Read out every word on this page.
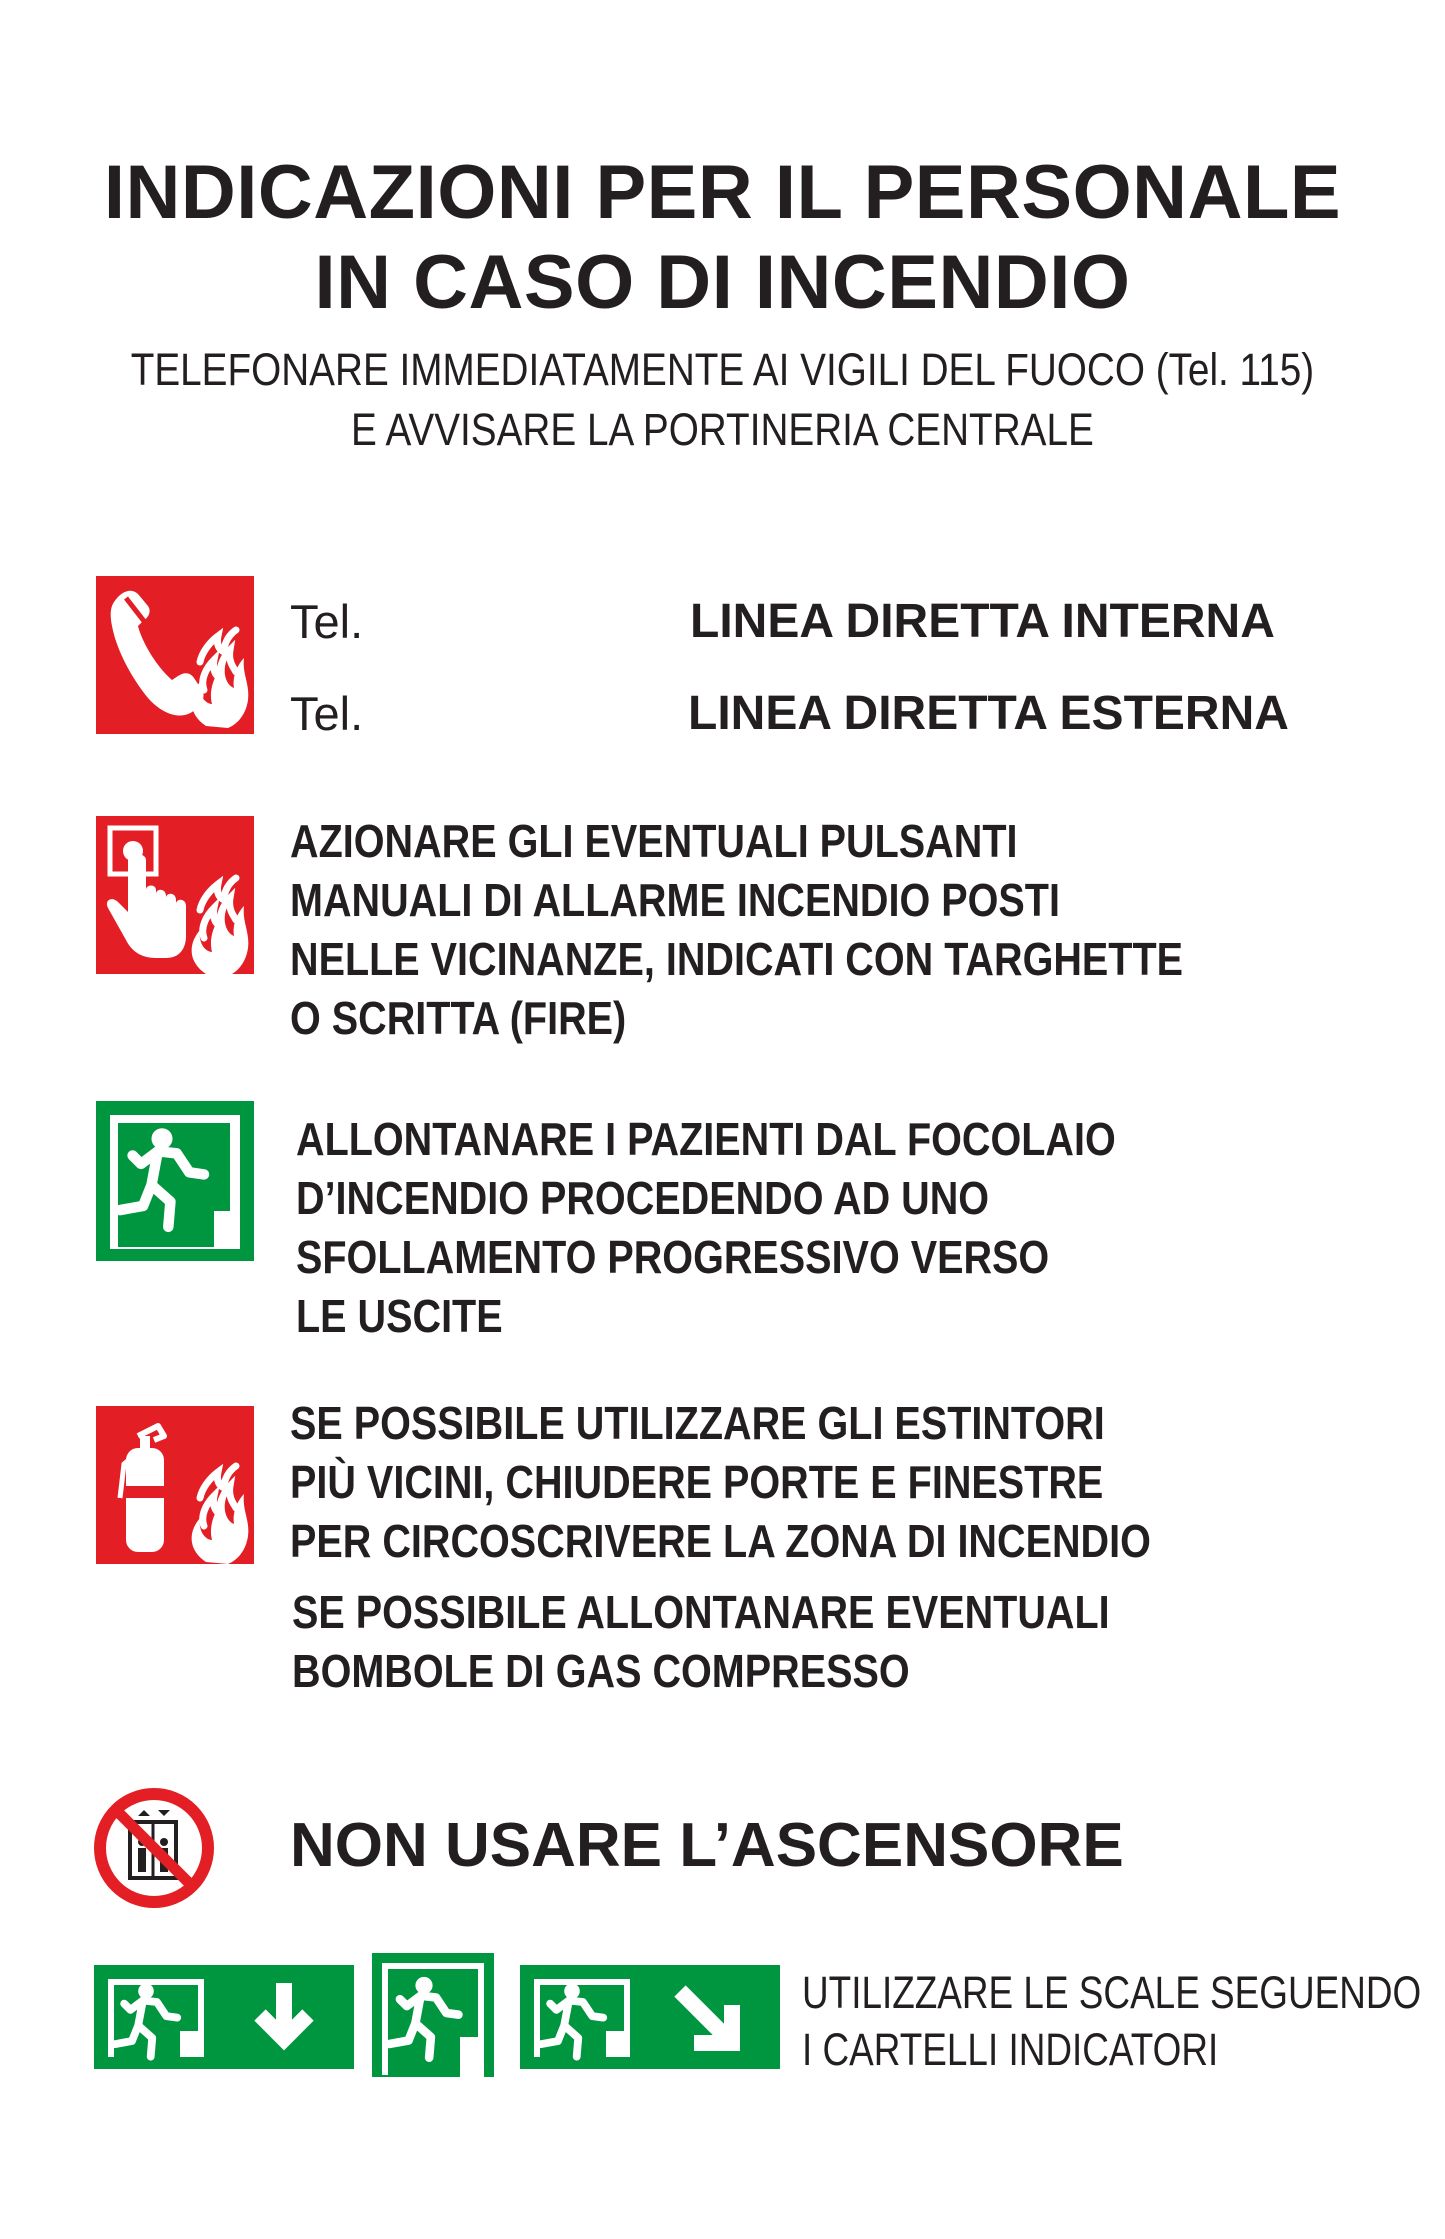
INDICAZIONI PER IL PERSONALE
IN CASO DI INCENDIO
TELEFONARE IMMEDIATAMENTE AI VIGILI DEL FUOCO (Tel. 115)
E AVVISARE LA PORTINERIA CENTRALE
Tel.	LINEA DIRETTA INTERNA
Tel.	LINEA DIRETTA ESTERNA
AZIONARE GLI EVENTUALI PULSANTI
MANUALI DI ALLARME INCENDIO POSTI
NELLE VICINANZE, INDICATI CON TARGHETTE
O SCRITTA (FIRE)
ALLONTANARE I PAZIENTI DAL FOCOLAIO
D’INCENDIO PROCEDENDO AD UNO
SFOLLAMENTO PROGRESSIVO VERSO
LE USCITE
SE POSSIBILE UTILIZZARE GLI ESTINTORI
PIÙ VICINI, CHIUDERE PORTE E FINESTRE
PER CIRCOSCRIVERE LA ZONA DI INCENDIO
SE POSSIBILE ALLONTANARE EVENTUALI
BOMBOLE DI GAS COMPRESSO
NON USARE L’ASCENSORE
UTILIZZARE LE SCALE SEGUENDO
I CARTELLI INDICATORI
